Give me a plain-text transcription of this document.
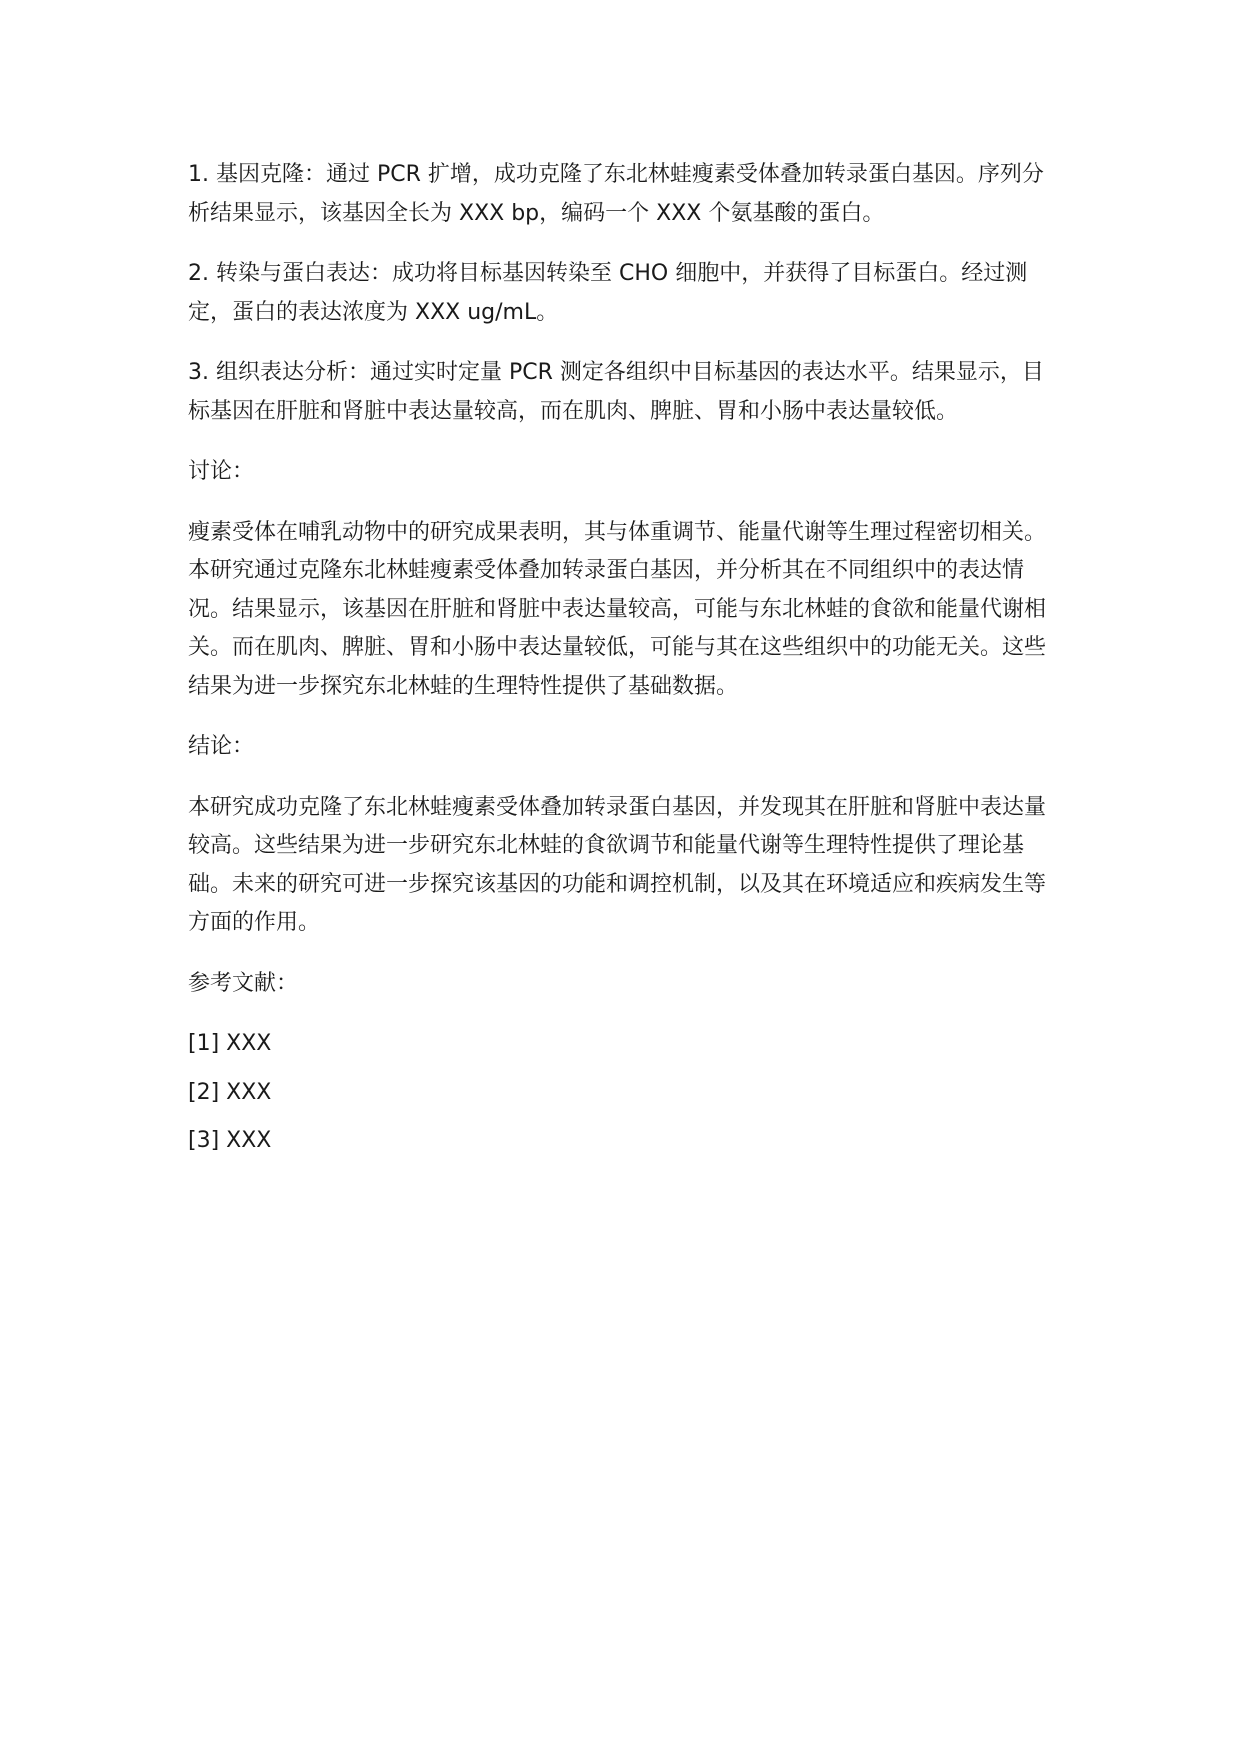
1. 基因克隆：通过 PCR 扩增，成功克隆了东北林蛙瘦素受体叠加转录蛋白基因。序列分析结果显示，该基因全长为 XXX bp，编码一个 XXX 个氨基酸的蛋白。

2. 转染与蛋白表达：成功将目标基因转染至 CHO 细胞中，并获得了目标蛋白。经过测定，蛋白的表达浓度为 XXX ug/mL。

3. 组织表达分析：通过实时定量 PCR 测定各组织中目标基因的表达水平。结果显示，目标基因在肝脏和肾脏中表达量较高，而在肌肉、脾脏、胃和小肠中表达量较低。

讨论：

瘦素受体在哺乳动物中的研究成果表明，其与体重调节、能量代谢等生理过程密切相关。本研究通过克隆东北林蛙瘦素受体叠加转录蛋白基因，并分析其在不同组织中的表达情况。结果显示，该基因在肝脏和肾脏中表达量较高，可能与东北林蛙的食欲和能量代谢相关。而在肌肉、脾脏、胃和小肠中表达量较低，可能与其在这些组织中的功能无关。这些结果为进一步探究东北林蛙的生理特性提供了基础数据。

结论：

本研究成功克隆了东北林蛙瘦素受体叠加转录蛋白基因，并发现其在肝脏和肾脏中表达量较高。这些结果为进一步研究东北林蛙的食欲调节和能量代谢等生理特性提供了理论基础。未来的研究可进一步探究该基因的功能和调控机制，以及其在环境适应和疾病发生等方面的作用。

参考文献：

[1] XXX

[2] XXX

[3] XXX
